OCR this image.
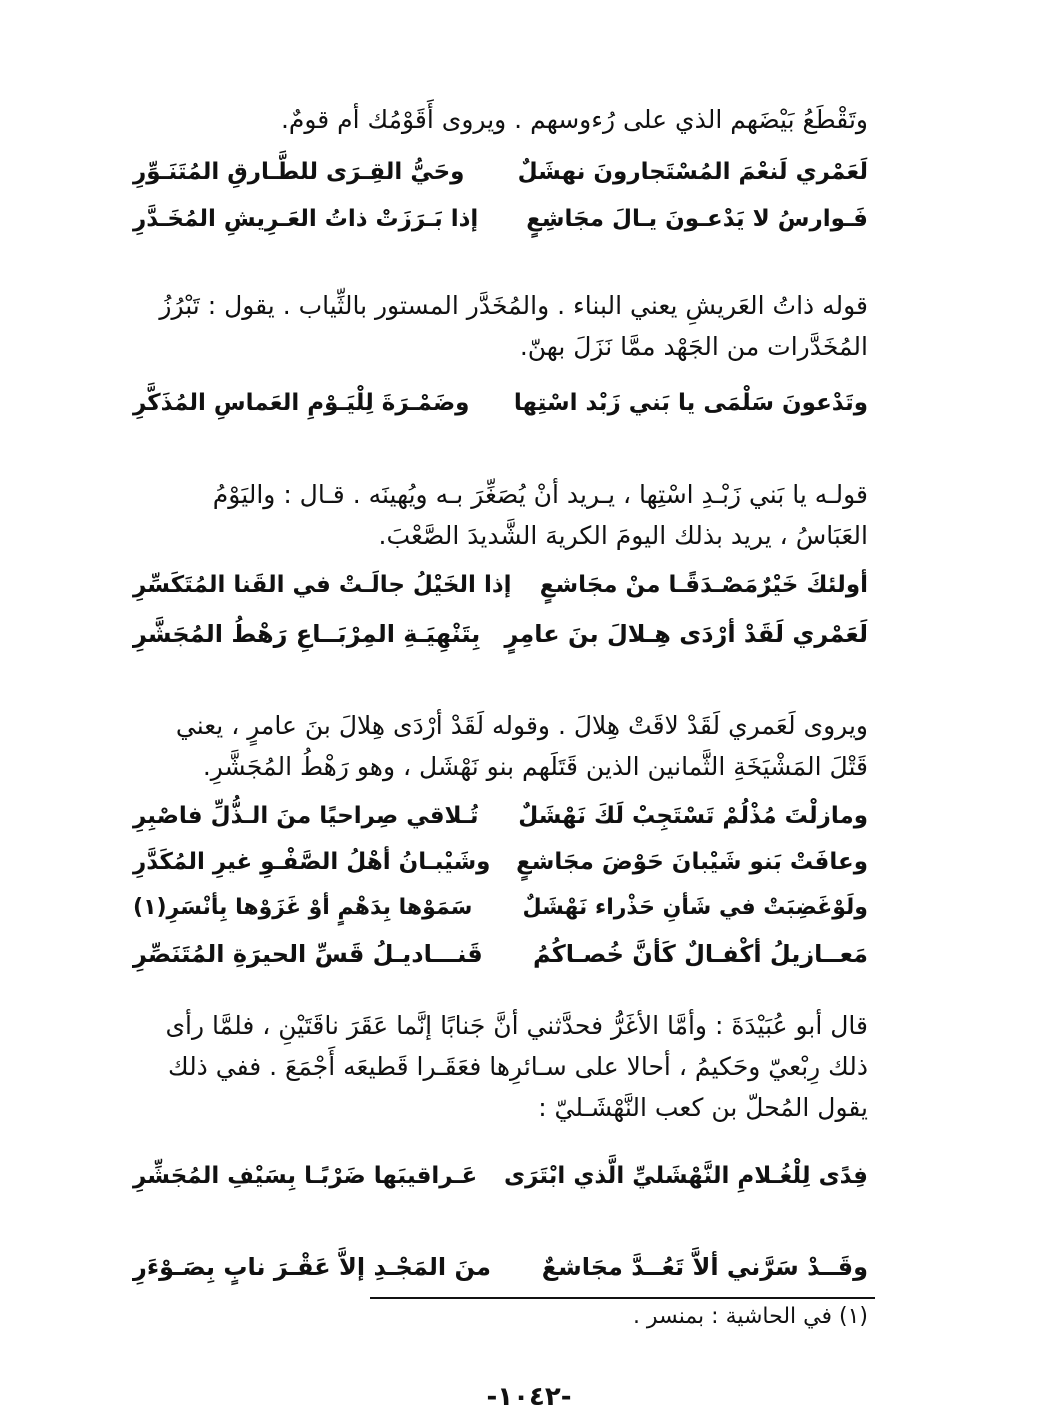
وتَقْطَعُ بَيْضَهم الذي على رُءوسهم . ويروى أَقَوْمُك أم قومٌ.
لَعَمْري لَنعْمَ المُسْتَجارونَ نهشَلٌ
وحَيُّ القِـرَى للطَّـارقِ المُتَنَـوِّرِ
فَـوارسُ لا يَدْعـونَ يـالَ مجَاشِعٍ
إذا بَـرَزَتْ ذاتُ العَـرِيشِ المُخَـدَّرِ
قوله ذاتُ العَريشِ يعني البناء . والمُخَدَّر المستور بالثِّياب . يقول : تَبْرُزُ
المُخَدَّرات من الجَهْد ممَّا نَزَلَ بهنّ.
وتَدْعونَ سَلْمَى يا بَني زَبْد اسْتِها
وضَمْـرَةَ لِلْيَـوْمِ العَماسِ المُذَكَّرِ
قولـه يا بَني زَبْـدِ اسْتِها ، يـريد أنْ يُصَغِّرَ بـه ويُهينَه . قـال : واليَوْمُ
العَبَاسُ ، يريد بذلك اليومَ الكريهَ الشَّديدَ الصَّعْبَ.
أولئكَ خَيْرٌمَصْـدَقًـا منْ مجَاشعٍ
إذا الخَيْلُ جالَـتْ في القَنا المُتَكَسِّرِ
لَعَمْري لَقَدْ أرْدَى هِـلالَ بنَ عامِرٍ
بِتَنْهِيَـةِ المِرْبَــاعِ رَهْطُ المُجَشَّرِ
ويروى لَعَمري لَقَدْ لاقَتْ هِلالَ . وقوله لَقَدْ أرْدَى هِلالَ بنَ عامرٍ ، يعني
قَتْلَ المَشْيَخَةِ الثَّمانين الذين قَتَلَهم بنو نَهْشَل ، وهو رَهْطُ المُجَشَّرِ.
ومازلْتَ مُذْلُمْ تَسْتَجِبْ لَكَ نَهْشَلٌ
تُـلاقي صِراحيًا منَ الـذُّلِّ فاصْبِرِ
وعافَتْ بَنو شَيْبانَ حَوْضَ مجَاشعٍ
وشَيْبـانُ أهْلُ الصَّفْـوِ غيرِ المُكَدَّرِ
ولَوْغَضِبَتْ في شَأنِ حَذْراء نَهْشَلٌ
سَمَوْها بِدَهْمٍ أوْ غَزَوْها بِأنْسَرِ(١)
مَعــازيلُ أكْفـالٌ كَأنَّ خُصـاكُمُ
قَنـــاديـلُ قَسِّ الحيرَةِ المُتَنَصِّرِ
قال أبو عُبَيْدَةَ : وأمَّا الأغَرُّ فحدَّثني أنَّ جَنابًا إنَّما عَقَرَ ناقَتَيْنِ ، فلمَّا رأى
ذلك رِبْعيّ وحَكيمُ ، أحالا على سـائرِها فعَقَـرا قَطيعَه أَجْمَعَ . ففي ذلك
يقول المُحلّ بن كعب النَّهْشَـليّ :
فِدًى لِلْغُـلامِ النَّهْشَليِّ الَّذي ابْتَرَى
عَـراقيبَها ضَرْبًـا بِسَيْفِ المُجَشِّرِ
وقَــدْ سَرَّني ألاَّ تَعُــدَّ مجَاشعٌ
منَ المَجْـدِ إلاَّ عَقْـرَ نابٍ بِصَـوْءَرِ
(١) في الحاشية : بمنسر .
-١٠٤٢-
